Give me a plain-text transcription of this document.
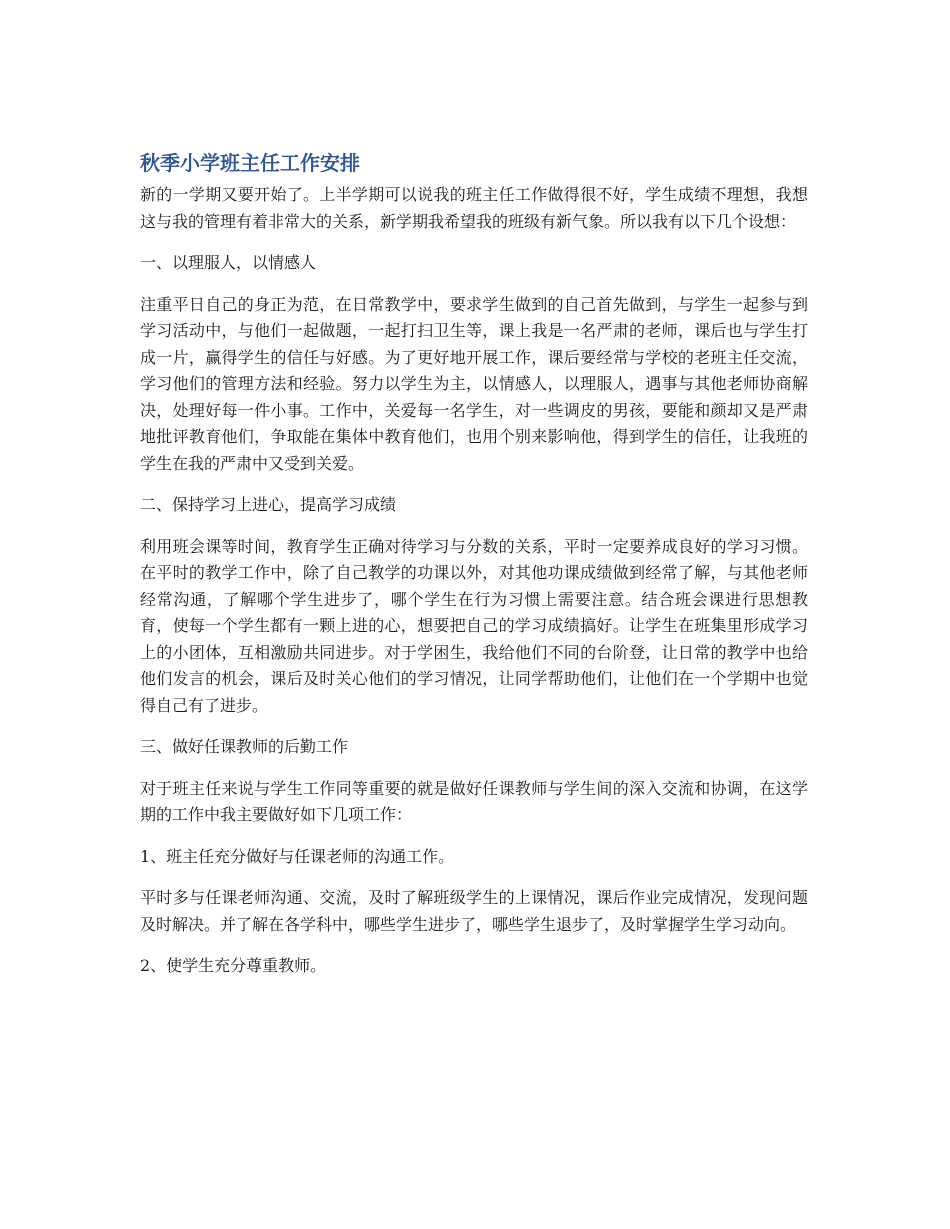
秋季小学班主任工作安排

新的一学期又要开始了。上半学期可以说我的班主任工作做得很不好，学生成绩不理想，我想这与我的管理有着非常大的关系，新学期我希望我的班级有新气象。所以我有以下几个设想：

一、以理服人，以情感人

注重平日自己的身正为范，在日常教学中，要求学生做到的自己首先做到，与学生一起参与到学习活动中，与他们一起做题，一起打扫卫生等，课上我是一名严肃的老师，课后也与学生打成一片，赢得学生的信任与好感。为了更好地开展工作，课后要经常与学校的老班主任交流，学习他们的管理方法和经验。努力以学生为主，以情感人，以理服人，遇事与其他老师协商解决，处理好每一件小事。工作中，关爱每一名学生，对一些调皮的男孩，要能和颜却又是严肃地批评教育他们，争取能在集体中教育他们，也用个别来影响他，得到学生的信任，让我班的学生在我的严肃中又受到关爱。

二、保持学习上进心，提高学习成绩

利用班会课等时间，教育学生正确对待学习与分数的关系，平时一定要养成良好的学习习惯。在平时的教学工作中，除了自己教学的功课以外，对其他功课成绩做到经常了解，与其他老师经常沟通，了解哪个学生进步了，哪个学生在行为习惯上需要注意。结合班会课进行思想教育，使每一个学生都有一颗上进的心，想要把自己的学习成绩搞好。让学生在班集里形成学习上的小团体，互相激励共同进步。对于学困生，我给他们不同的台阶登，让日常的教学中也给他们发言的机会，课后及时关心他们的学习情况，让同学帮助他们，让他们在一个学期中也觉得自己有了进步。

三、做好任课教师的后勤工作

对于班主任来说与学生工作同等重要的就是做好任课教师与学生间的深入交流和协调，在这学期的工作中我主要做好如下几项工作：

1、班主任充分做好与任课老师的沟通工作。

平时多与任课老师沟通、交流，及时了解班级学生的上课情况，课后作业完成情况，发现问题及时解决。并了解在各学科中，哪些学生进步了，哪些学生退步了，及时掌握学生学习动向。

2、使学生充分尊重教师。
